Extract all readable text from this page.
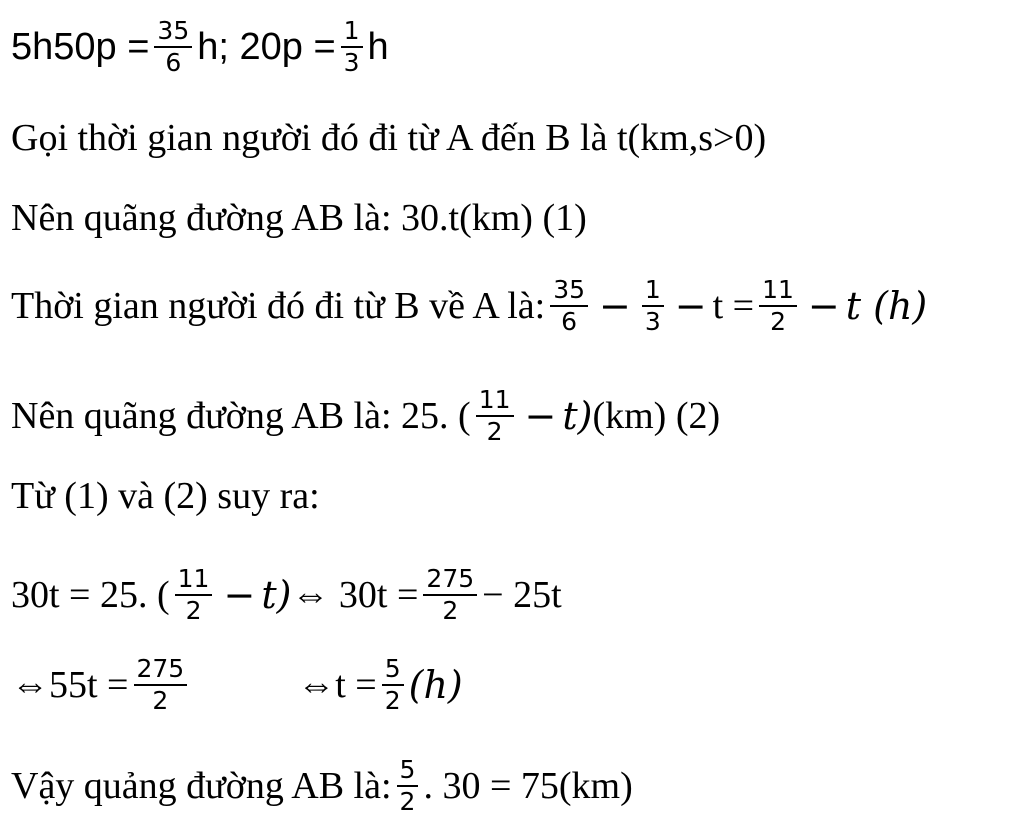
$5h50p = \frac{35}{6} h$; $20p = \frac{1}{3}$ h
Gọi thời gian người đó đi từ A đến B là t(km,s>0)
Nên quãng đường AB là: 30.t(km) (1)
Thời gian người đó đi từ B về A là: $\frac{35}{6} - \frac{1}{3} - t = \frac{11}{2} - t$ (h)
Nên quãng đường AB là: 25. ( $\frac{11}{2} - t$) (km) (2)
Từ (1) và (2) suy ra:
30t = 25. ( $\frac{11}{2} - t$) ⇔ $30t = \frac{275}{2} - 25t$
⇔55t = $\frac{275}{2}$	⇔t = $\frac{5}{2} (h)$
Vậy quảng đường AB là: $\frac{5}{2}$ . 30 = 75(km)
